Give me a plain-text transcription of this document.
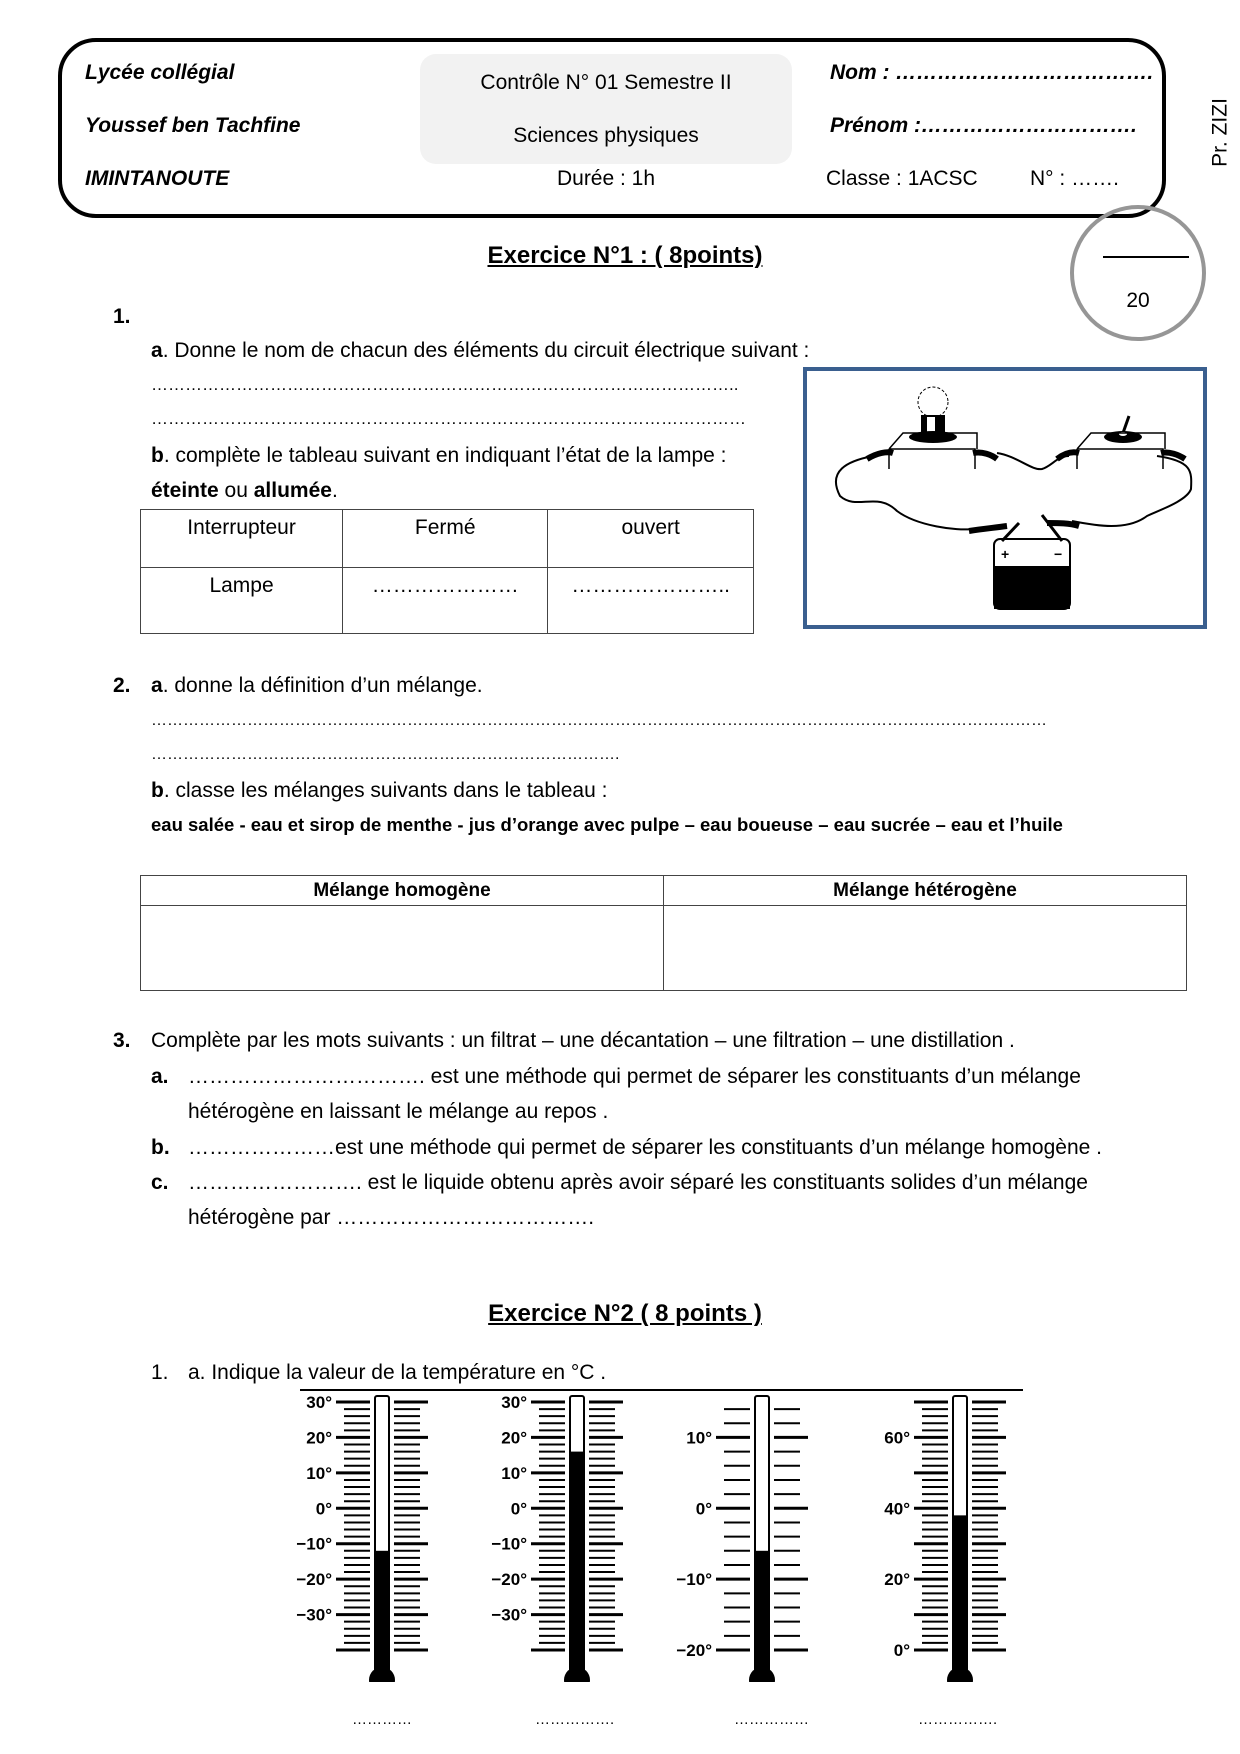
Lycée collégial
Youssef ben Tachfine
IMINTANOUTE
Contrôle N° 01 Semestre II
Sciences physiques
Durée : 1h
Nom : ……………………………….
Prénom :………………………….
Classe : 1ACSC N° : …….
Pr. ZIZI
20
Exercice N°1 : ( 8points)
1.
a. Donne le nom de chacun des éléments du circuit électrique suivant :
…………………………………………………………………………………………..
……………………………………………………………………………………………
b. complète le tableau suivant en indiquant l’état de la lampe :
éteinte ou allumée.
Interrupteur	Fermé	ouvert
Lampe	…………………	…………………..
+	−
2. a. donne la définition d’un mélange.
……………………………………………………………………………………………………………………………………………………
…………………………………………………………………………….
b. classe les mélanges suivants dans le tableau :
eau salée - eau et sirop de menthe - jus d’orange avec pulpe – eau boueuse – eau sucrée – eau et l’huile
Mélange homogène	Mélange hétérogène

3. Complète par les mots suivants : un filtrat – une décantation – une filtration – une distillation .
a. ……………………………. est une méthode qui permet de séparer les constituants d’un mélange
hétérogène en laissant le mélange au repos .
b. …………………est une méthode qui permet de séparer les constituants d’un mélange homogène .
c. ……………………. est le liquide obtenu après avoir séparé les constituants solides d’un mélange
hétérogène par ……………………………….
Exercice N°2 ( 8 points )
1. a. Indique la valeur de la température en °C .
30°
20°
10°
0°
−10°
−20°
−30°
30°
20°
10°
0°
−10°
−20°
−30°
10°
0°
−10°
−20°
60°
40°
20°
0°
…………	…………….	……………	…………….
